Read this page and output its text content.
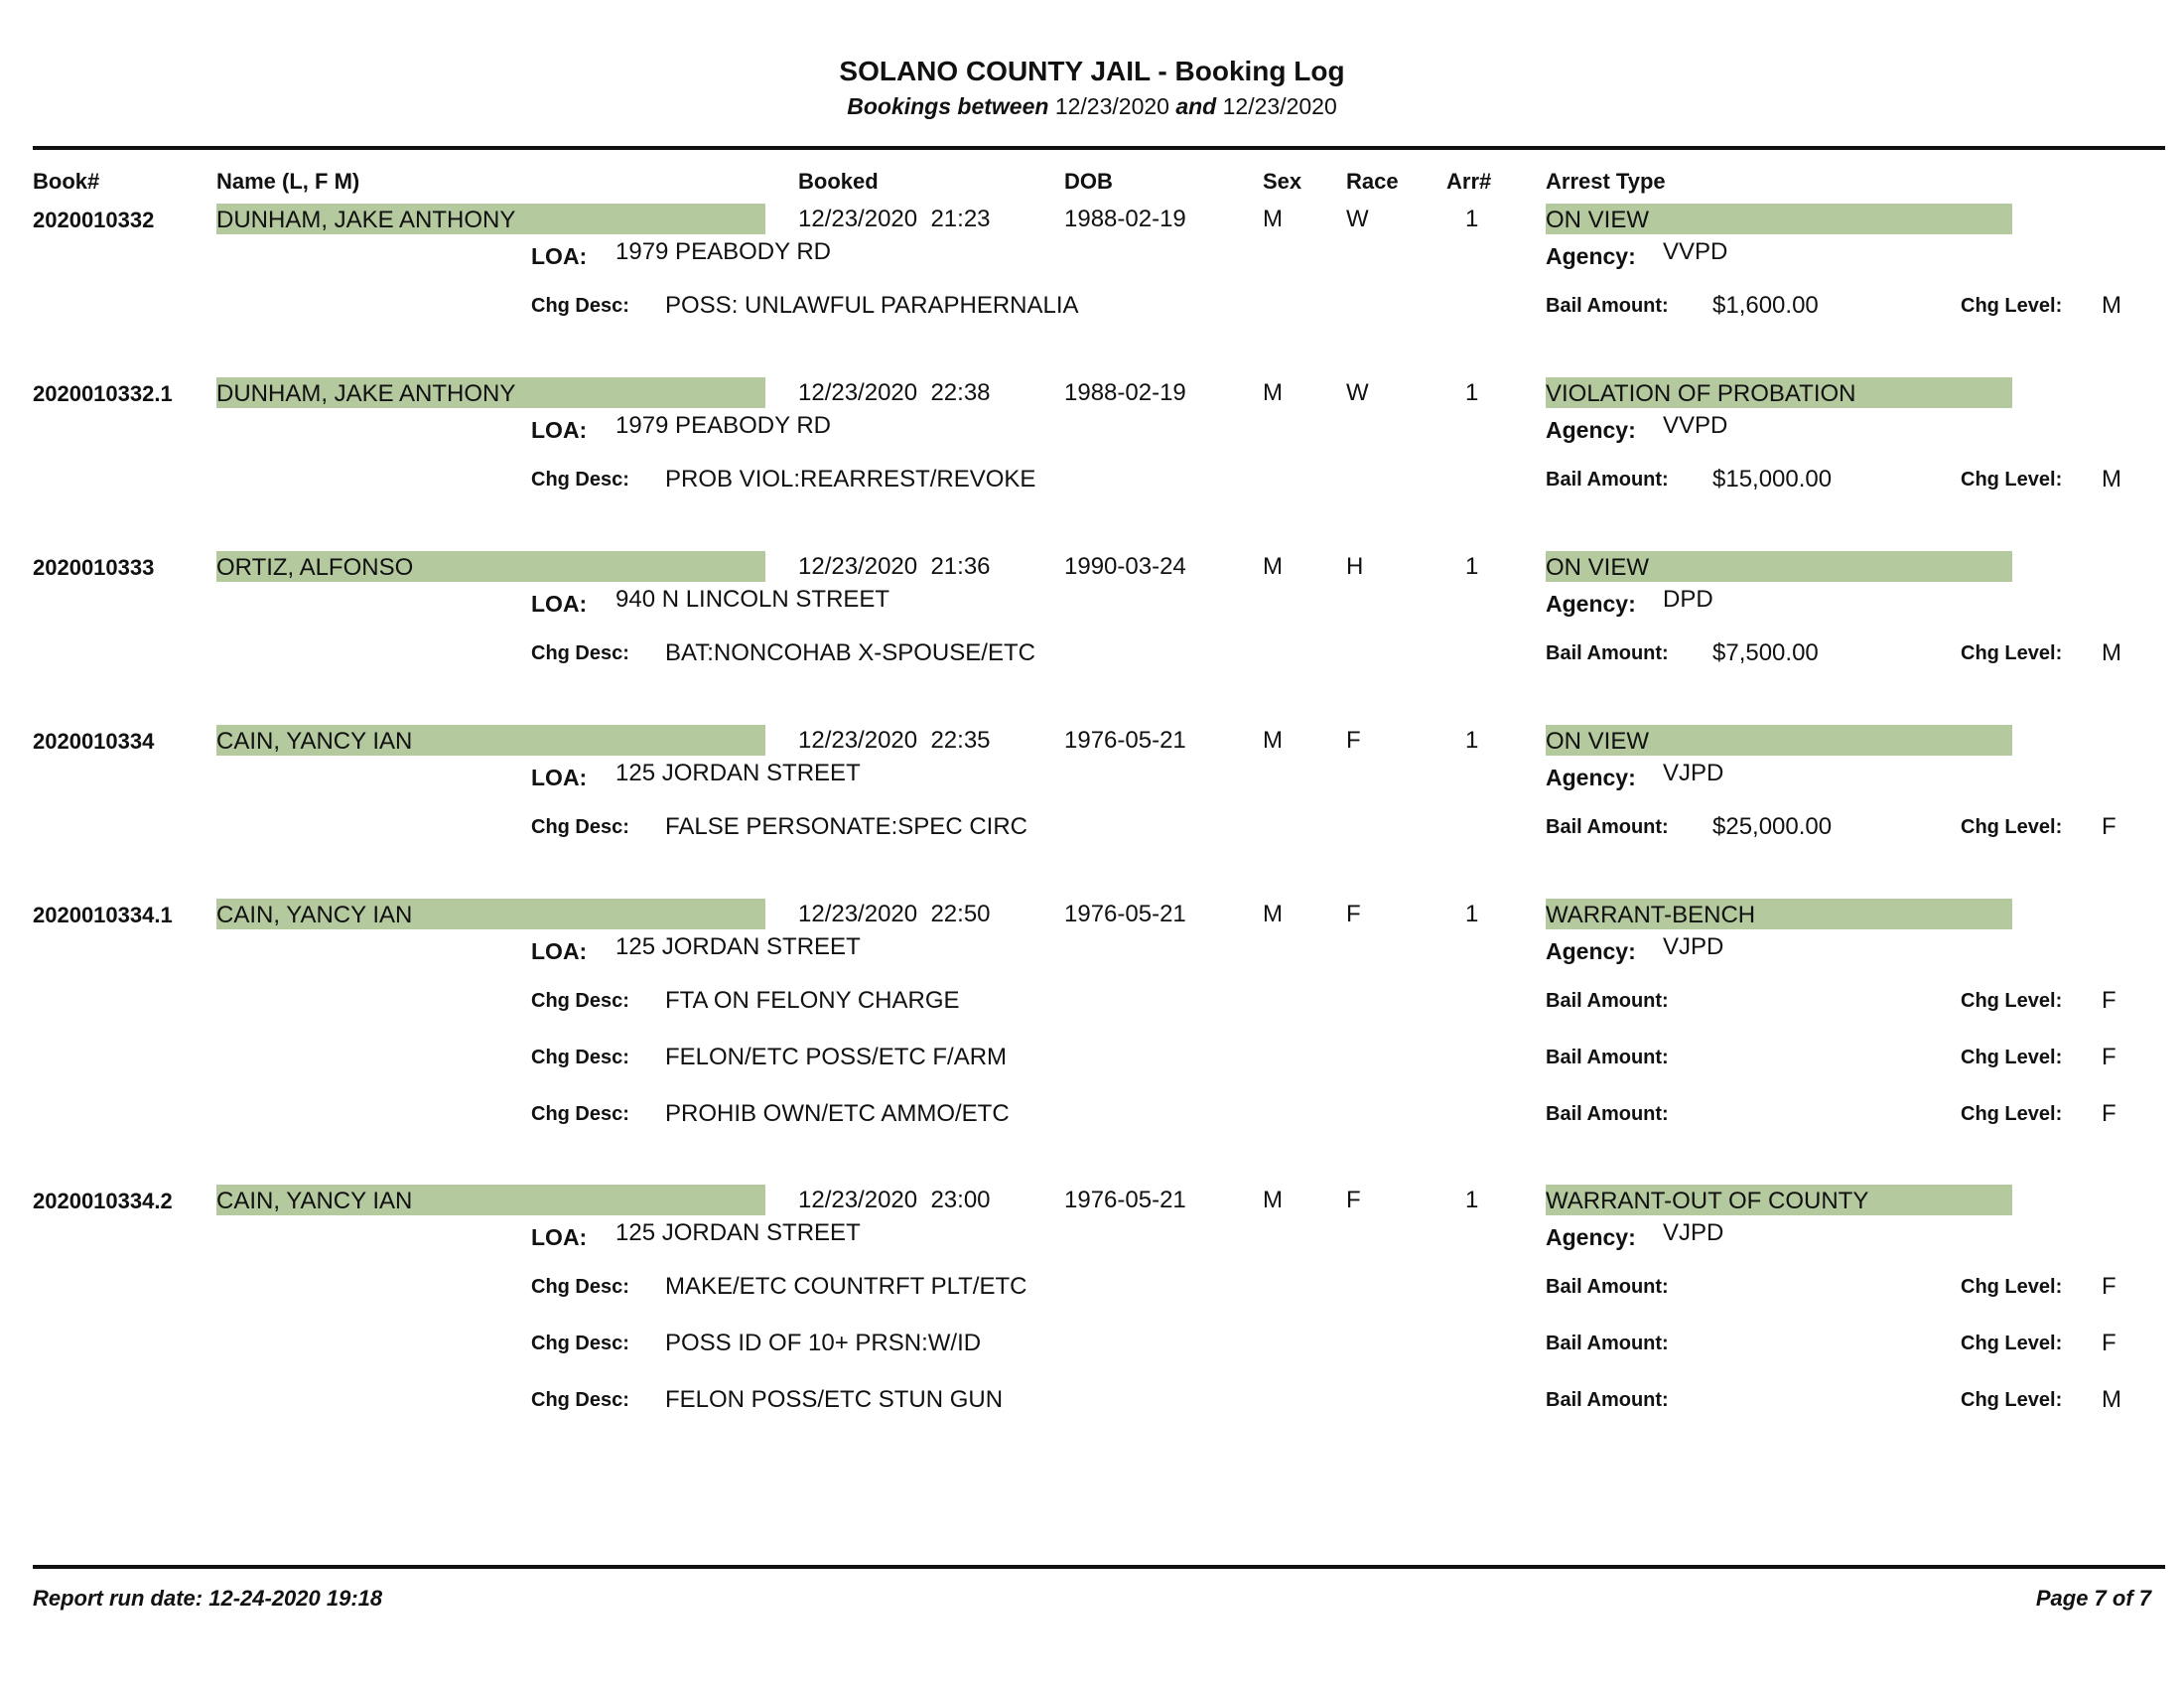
SOLANO COUNTY JAIL - Booking Log
Bookings between 12/23/2020 and 12/23/2020
Book#	Name (L, F M)	Booked	DOB	Sex Race Arr# Arrest Type
2020010332	DUNHAM, JAKE ANTHONY	12/23/2020  21:23	1988-02-19	M	W	1	ON VIEW
LOA: 1979 PEABODY RD	Agency: VVPD
Chg Desc: POSS: UNLAWFUL PARAPHERNALIA	Bail Amount: $1,600.00	Chg Level: M
2020010332.1 DUNHAM, JAKE ANTHONY	12/23/2020  22:38	1988-02-19	M	W	1	VIOLATION OF PROBATION
LOA: 1979 PEABODY RD	Agency: VVPD
Chg Desc: PROB VIOL:REARREST/REVOKE	Bail Amount: $15,000.00	Chg Level: M
2020010333	ORTIZ, ALFONSO	12/23/2020  21:36	1990-03-24	M	H	1	ON VIEW
LOA: 940 N LINCOLN STREET	Agency: DPD
Chg Desc: BAT:NONCOHAB X-SPOUSE/ETC	Bail Amount: $7,500.00	Chg Level: M
2020010334	CAIN, YANCY IAN	12/23/2020  22:35	1976-05-21	M	F	1	ON VIEW
LOA: 125 JORDAN STREET	Agency: VJPD
Chg Desc: FALSE PERSONATE:SPEC CIRC	Bail Amount: $25,000.00	Chg Level: F
2020010334.1 CAIN, YANCY IAN	12/23/2020  22:50	1976-05-21	M	F	1	WARRANT-BENCH
LOA: 125 JORDAN STREET	Agency: VJPD
Chg Desc: FTA ON FELONY CHARGE	Bail Amount:	Chg Level: F
Chg Desc: FELON/ETC POSS/ETC F/ARM	Bail Amount:	Chg Level: F
Chg Desc: PROHIB OWN/ETC AMMO/ETC	Bail Amount:	Chg Level: F
2020010334.2 CAIN, YANCY IAN	12/23/2020  23:00	1976-05-21	M	F	1	WARRANT-OUT OF COUNTY
LOA: 125 JORDAN STREET	Agency: VJPD
Chg Desc: MAKE/ETC COUNTRFT PLT/ETC	Bail Amount:	Chg Level: F
Chg Desc: POSS ID OF 10+ PRSN:W/ID	Bail Amount:	Chg Level: F
Chg Desc: FELON POSS/ETC STUN GUN	Bail Amount:	Chg Level: M
Report run date: 12-24-2020 19:18	Page 7 of 7
